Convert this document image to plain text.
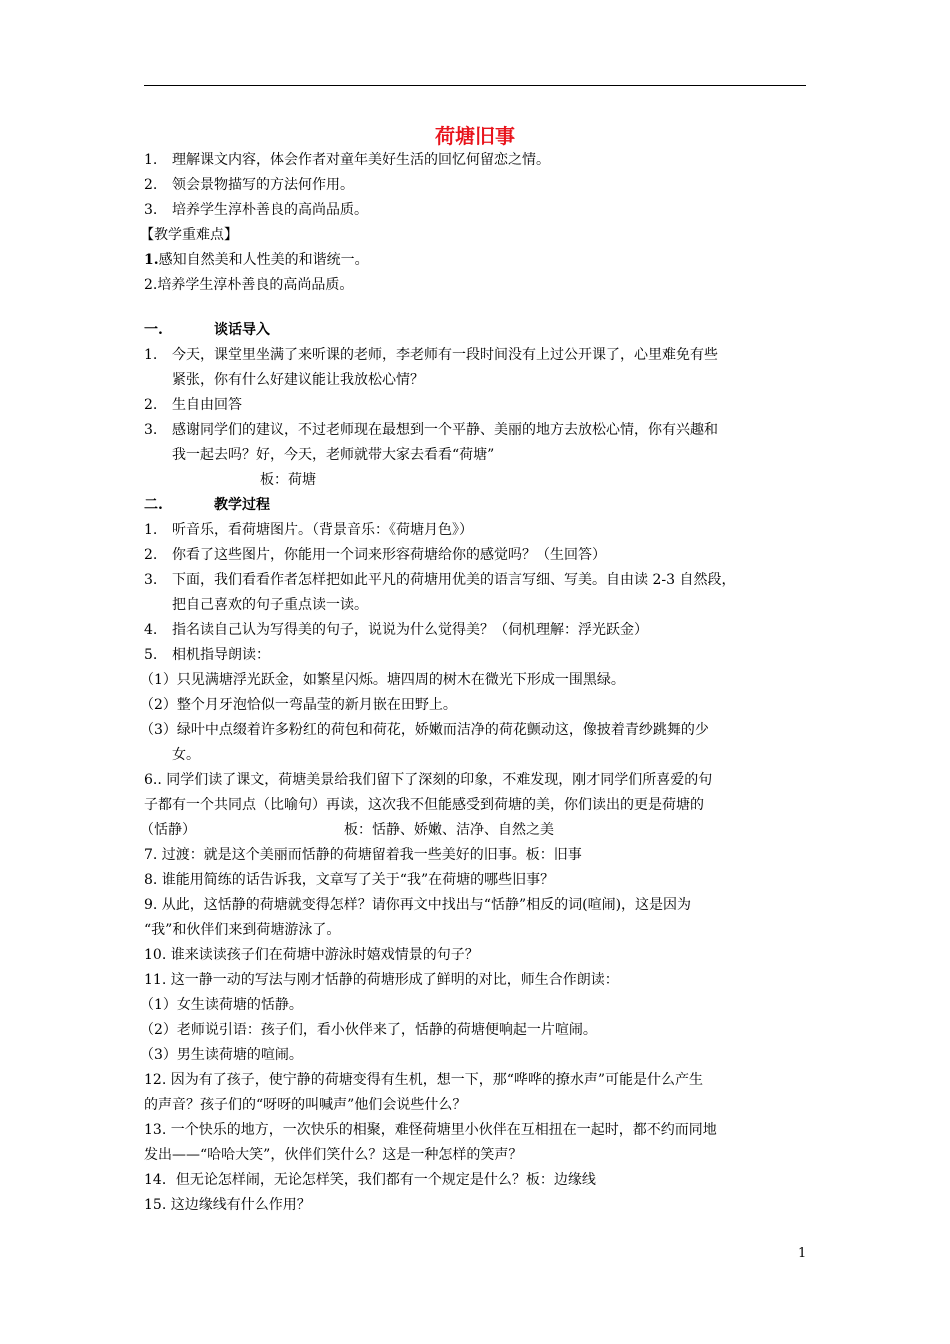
荷塘旧事
1. 理解课文内容，体会作者对童年美好生活的回忆何留恋之情。
2. 领会景物描写的方法何作用。
3. 培养学生淳朴善良的高尚品质。
【教学重难点】
1.感知自然美和人性美的和谐统一。
2.培养学生淳朴善良的高尚品质。
一.	谈话导入
1. 今天，课堂里坐满了来听课的老师，李老师有一段时间没有上过公开课了，心里难免有些
紧张，你有什么好建议能让我放松心情？
2. 生自由回答
3. 感谢同学们的建议，不过老师现在最想到一个平静、美丽的地方去放松心情，你有兴趣和
我一起去吗？好，今天，老师就带大家去看看“荷塘”
板：荷塘
二.	教学过程
1. 听音乐，看荷塘图片。（背景音乐：《荷塘月色》）
2. 你看了这些图片，你能用一个词来形容荷塘给你的感觉吗？（生回答）
3. 下面，我们看看作者怎样把如此平凡的荷塘用优美的语言写细、写美。自由读 2-3 自然段，
把自己喜欢的句子重点读一读。
4. 指名读自己认为写得美的句子，说说为什么觉得美？（伺机理解：浮光跃金）
5. 相机指导朗读：
（1）只见满塘浮光跃金，如繁星闪烁。塘四周的树木在微光下形成一围黑绿。
（2）整个月牙泡恰似一弯晶莹的新月嵌在田野上。
（3）绿叶中点缀着许多粉红的荷包和荷花，娇嫩而洁净的荷花颤动这，像披着青纱跳舞的少
女。
6.. 同学们读了课文，荷塘美景给我们留下了深刻的印象，不难发现，刚才同学们所喜爱的句
子都有一个共同点（比喻句）再读，这次我不但能感受到荷塘的美，你们读出的更是荷塘的
（恬静）	板：恬静、娇嫩、洁净、自然之美
7. 过渡：就是这个美丽而恬静的荷塘留着我一些美好的旧事。板：旧事
8. 谁能用简练的话告诉我，文章写了关于“我”在荷塘的哪些旧事？
9. 从此，这恬静的荷塘就变得怎样？请你再文中找出与“恬静”相反的词(喧闹)，这是因为
“我”和伙伴们来到荷塘游泳了。
10. 谁来读读孩子们在荷塘中游泳时嬉戏情景的句子？
11. 这一静一动的写法与刚才恬静的荷塘形成了鲜明的对比，师生合作朗读：
（1）女生读荷塘的恬静。
（2）老师说引语：孩子们，看小伙伴来了，恬静的荷塘便响起一片喧闹。
（3）男生读荷塘的喧闹。
12. 因为有了孩子，使宁静的荷塘变得有生机，想一下，那“哗哗的撩水声”可能是什么产生
的声音？孩子们的“呀呀的叫喊声”他们会说些什么？
13. 一个快乐的地方，一次快乐的相聚，难怪荷塘里小伙伴在互相扭在一起时，都不约而同地
发出——“哈哈大笑”，伙伴们笑什么？这是一种怎样的笑声？
14．但无论怎样闹，无论怎样笑，我们都有一个规定是什么？板：边缘线
15. 这边缘线有什么作用？
1
